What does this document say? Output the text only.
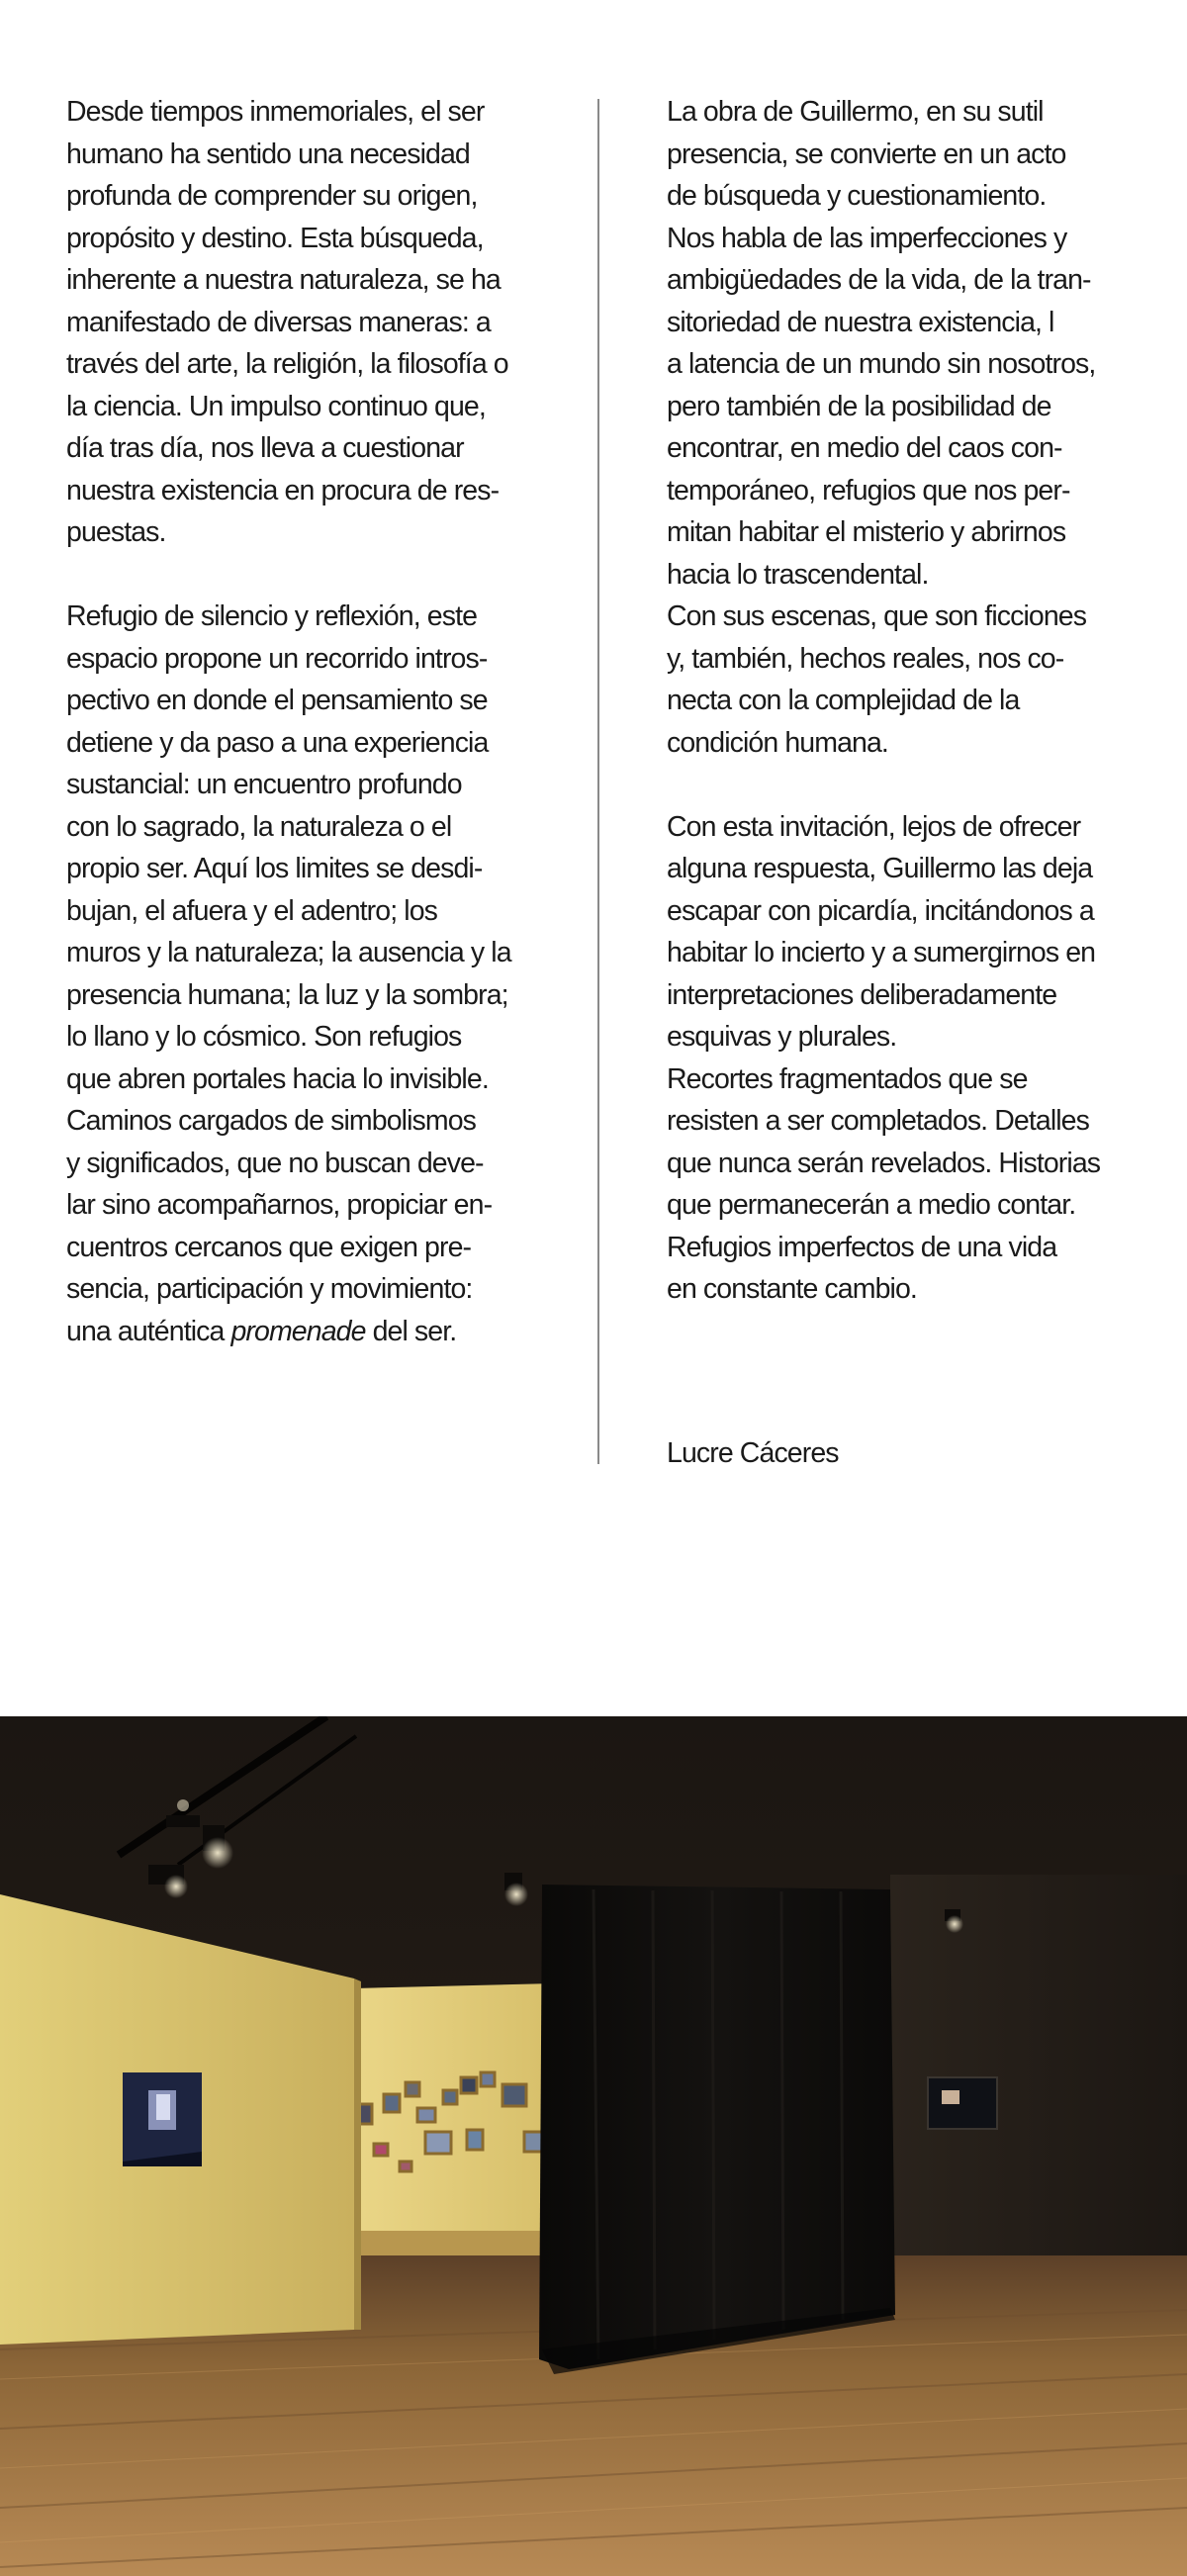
Desde tiempos inmemoriales, el ser
humano ha sentido una necesidad
profunda de comprender su origen,
propósito y destino. Esta búsqueda,
inherente a nuestra naturaleza, se ha
manifestado de diversas maneras: a
través del arte, la religión, la filosofía o
la ciencia. Un impulso continuo que,
día tras día, nos lleva a cuestionar
nuestra existencia en procura de res-
puestas.
Refugio de silencio y reflexión, este
espacio propone un recorrido intros-
pectivo en donde el pensamiento se
detiene y da paso a una experiencia
sustancial: un encuentro profundo
con lo sagrado, la naturaleza o el
propio ser. Aquí los limites se desdi-
bujan, el afuera y el adentro; los
muros y la naturaleza; la ausencia y la
presencia humana; la luz y la sombra;
lo llano y lo cósmico. Son refugios
que abren portales hacia lo invisible.
Caminos cargados de simbolismos
y significados, que no buscan deve-
lar sino acompañarnos, propiciar en-
cuentros cercanos que exigen pre-
sencia, participación y movimiento:
una auténtica promenade del ser.
La obra de Guillermo, en su sutil
presencia, se convierte en un acto
de búsqueda y cuestionamiento.
Nos habla de las imperfecciones y
ambigüedades de la vida, de la tran-
sitoriedad de nuestra existencia, l
a latencia de un mundo sin nosotros,
pero también de la posibilidad de
encontrar, en medio del caos con-
temporáneo, refugios que nos per-
mitan habitar el misterio y abrirnos
hacia lo trascendental.
Con sus escenas, que son ficciones
y, también, hechos reales, nos co-
necta con la complejidad de la
condición humana.
Con esta invitación, lejos de ofrecer
alguna respuesta, Guillermo las deja
escapar con picardía, incitándonos a
habitar lo incierto y a sumergirnos en
interpretaciones deliberadamente
esquivas y plurales.
Recortes fragmentados que se
resisten a ser completados. Detalles
que nunca serán revelados. Historias
que permanecerán a medio contar.
Refugios imperfectos de una vida
en constante cambio.
Lucre Cáceres
